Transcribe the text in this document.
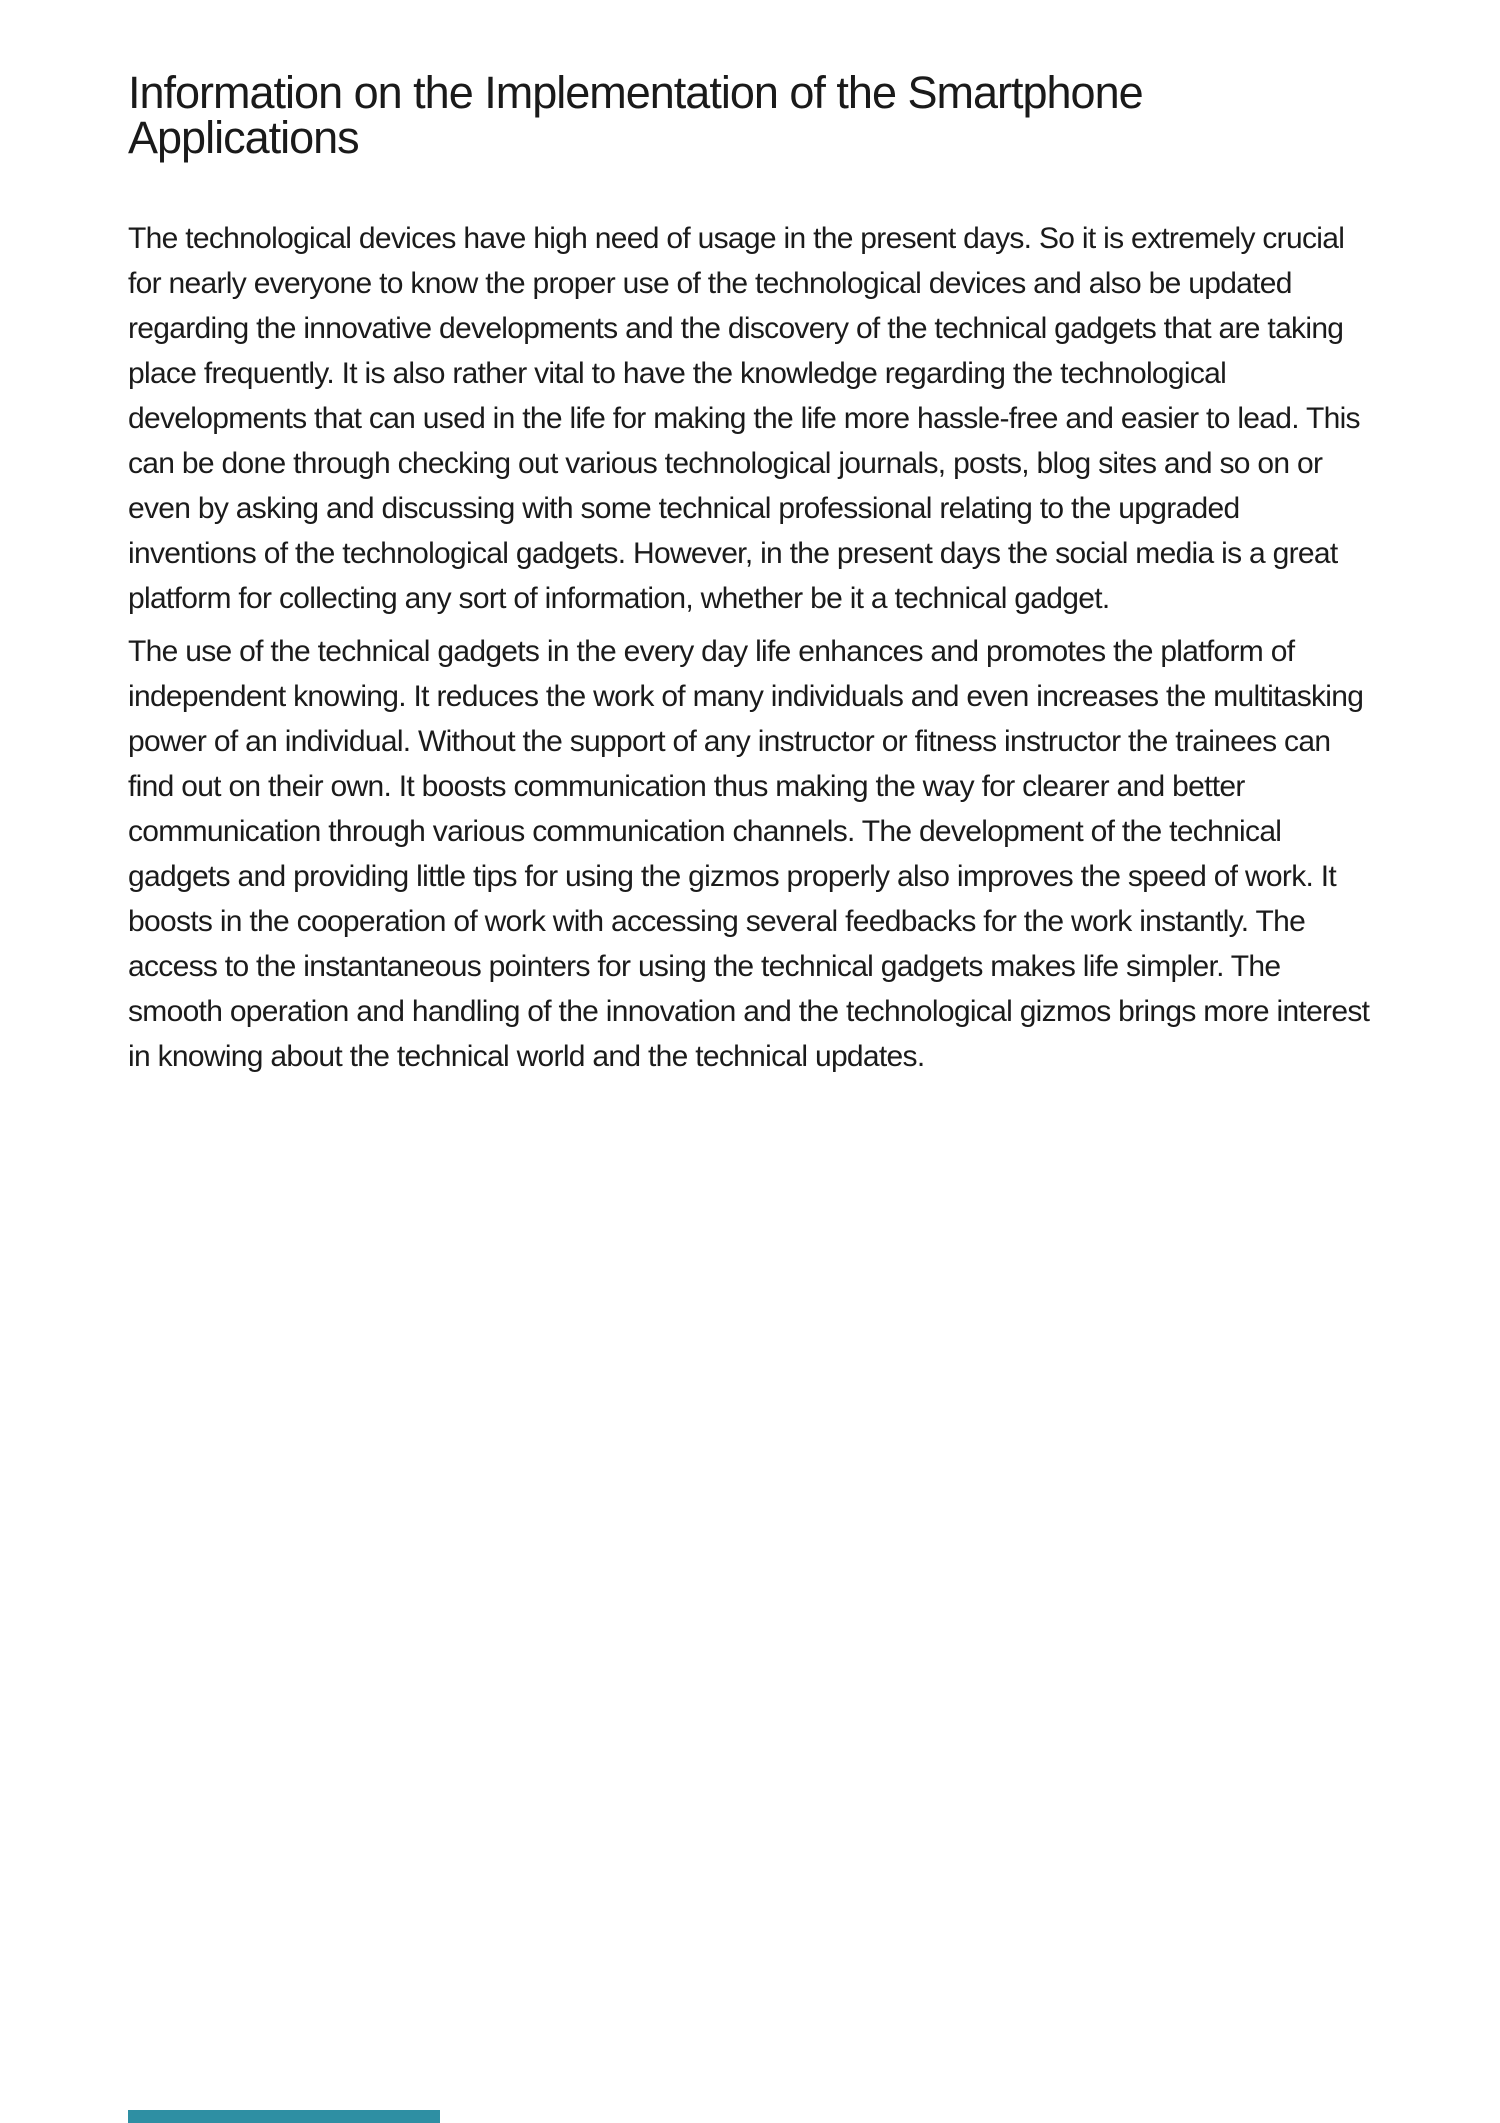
Information on the Implementation of the Smartphone Applications

The technological devices have high need of usage in the present days. So it is extremely crucial for nearly everyone to know the proper use of the technological devices and also be updated regarding the innovative developments and the discovery of the technical gadgets that are taking place frequently. It is also rather vital to have the knowledge regarding the technological developments that can used in the life for making the life more hassle-free and easier to lead. This can be done through checking out various technological journals, posts, blog sites and so on or even by asking and discussing with some technical professional relating to the upgraded inventions of the technological gadgets. However, in the present days the social media is a great platform for collecting any sort of information, whether be it a technical gadget.

The use of the technical gadgets in the every day life enhances and promotes the platform of independent knowing. It reduces the work of many individuals and even increases the multitasking power of an individual. Without the support of any instructor or fitness instructor the trainees can find out on their own. It boosts communication thus making the way for clearer and better communication through various communication channels. The development of the technical gadgets and providing little tips for using the gizmos properly also improves the speed of work. It boosts in the cooperation of work with accessing several feedbacks for the work instantly. The access to the instantaneous pointers for using the technical gadgets makes life simpler. The smooth operation and handling of the innovation and the technological gizmos brings more interest in knowing about the technical world and the technical updates.
